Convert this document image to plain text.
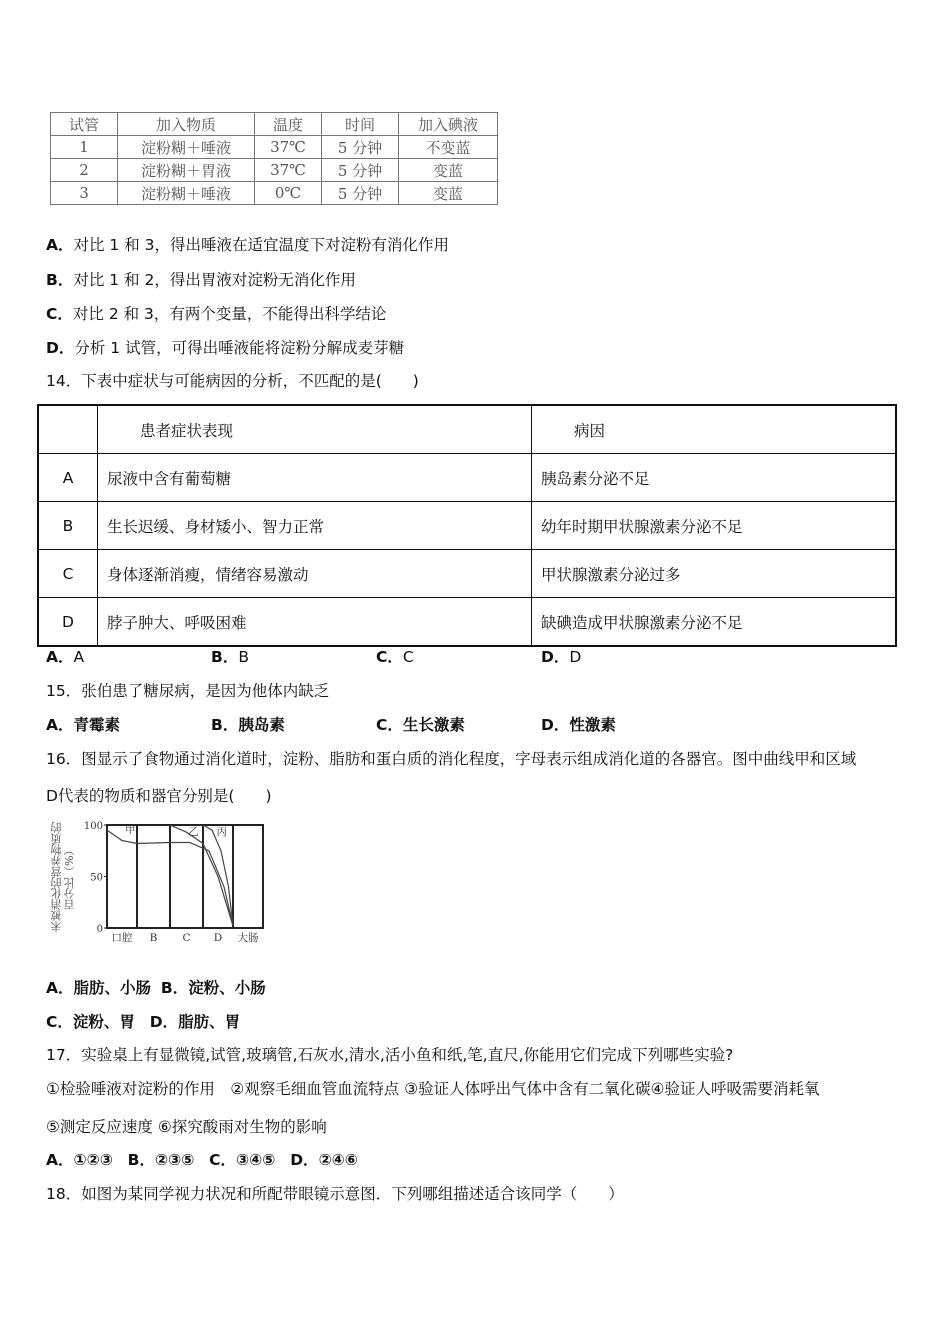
试管	加入物质	温度	时间	加入碘液
1	淀粉糊＋唾液	37℃	5 分钟	不变蓝
2	淀粉糊＋胃液	37℃	5 分钟	变蓝
3	淀粉糊＋唾液	0℃	5 分钟	变蓝
A．对比 1 和 3，得出唾液在适宜温度下对淀粉有消化作用
B．对比 1 和 2，得出胃液对淀粉无消化作用
C．对比 2 和 3，有两个变量，不能得出科学结论
D．分析 1 试管，可得出唾液能将淀粉分解成麦芽糖
14．下表中症状与可能病因的分析，不匹配的是(　　)
	患者症状表现	病因
A	尿液中含有葡萄糖	胰岛素分泌不足
B	生长迟缓、身材矮小、智力正常	幼年时期甲状腺激素分泌不足
C	身体逐渐消瘦，情绪容易激动	甲状腺激素分泌过多
D	脖子肿大、呼吸困难	缺碘造成甲状腺激素分泌不足
A．A	B．B	C．C	D．D
15．张伯患了糖尿病，是因为他体内缺乏
A．青霉素	B．胰岛素	C．生长激素	D．性激素
16．图显示了食物通过消化道时，淀粉、脂肪和蛋白质的消化程度，字母表示组成消化道的各器官。图中曲线甲和区域
D代表的物质和器官分别是(　　)
未被消化的营养物质的百分比（%）
100
50
0
口腔 B C D 大肠
甲	乙 丙
A．脂肪、小肠 B．淀粉、小肠
C．淀粉、胃 D．脂肪、胃
17．实验桌上有显微镜,试管,玻璃管,石灰水,清水,活小鱼和纸,笔,直尺,你能用它们完成下列哪些实验?
①检验唾液对淀粉的作用　②观察毛细血管血流特点 ③验证人体呼出气体中含有二氧化碳④验证人呼吸需要消耗氧
⑤测定反应速度 ⑥探究酸雨对生物的影响
A．①②③ B．②③⑤ C．③④⑤ D．②④⑥
18．如图为某同学视力状况和所配带眼镜示意图．下列哪组描述适合该同学（　　）
